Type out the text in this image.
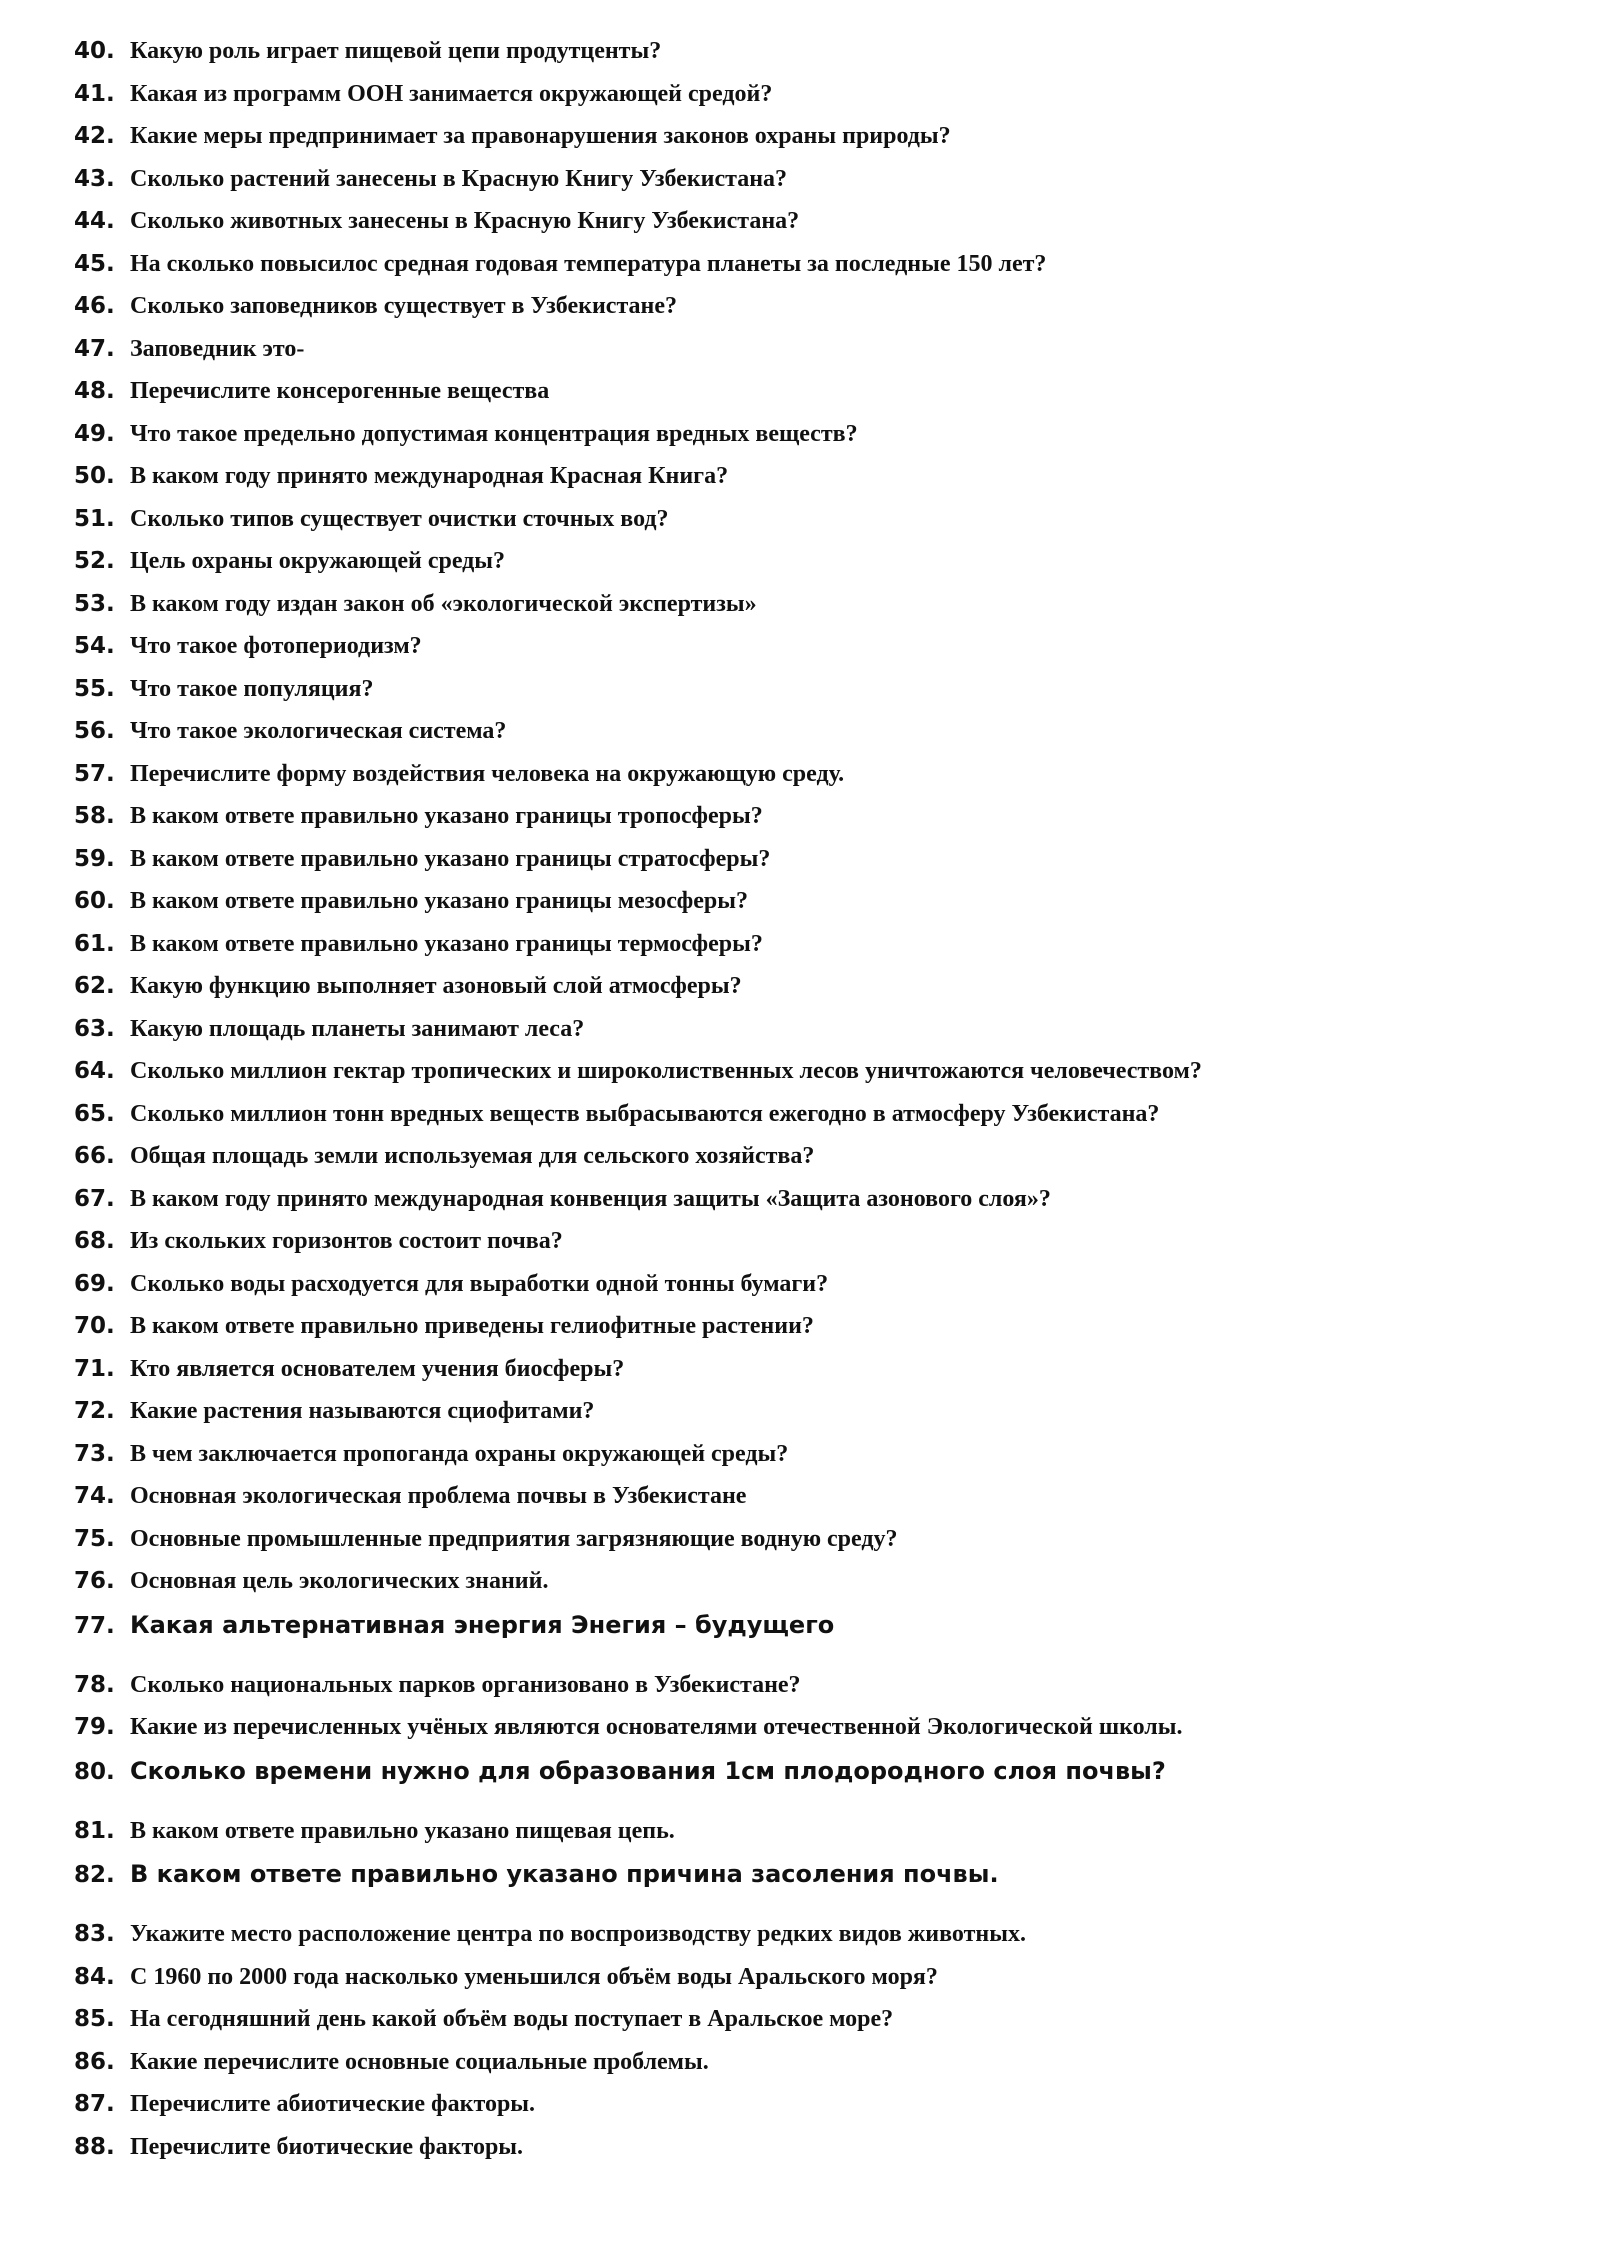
40. Какую роль играет пищевой цепи продутценты?
41. Какая из программ ООН занимается окружающей средой?
42. Какие меры предпринимает за правонарушения законов охраны природы?
43. Сколько растений занесены в Красную Книгу Узбекистана?
44. Сколько животных занесены в Красную Книгу Узбекистана?
45. На сколько повысилос средная годовая температура планеты за последные 150 лет?
46. Сколько заповедников существует в Узбекистане?
47. Заповедник это-
48. Перечислите консерогенные вещества
49. Что такое предельно допустимая концентрация вредных веществ?
50. В каком году принято международная Красная Книга?
51. Сколько типов существует очистки сточных вод?
52. Цель охраны окружающей среды?
53. В каком году издан закон об «экологической экспертизы»
54. Что такое фотопериодизм?
55. Что такое популяция?
56. Что такое экологическая система?
57. Перечислите форму воздействия человека на окружающую среду.
58. В каком ответе правильно указано границы тропосферы?
59. В каком ответе правильно указано границы стратосферы?
60. В каком ответе правильно указано границы мезосферы?
61. В каком ответе правильно указано границы термосферы?
62. Какую функцию выполняет азоновый слой атмосферы?
63. Какую площадь планеты занимают леса?
64. Сколько миллион гектар тропических и широколиственных лесов уничтожаются человечеством?
65. Сколько миллион тонн вредных веществ выбрасываются ежегодно в атмосферу Узбекистана?
66. Общая площадь земли используемая для сельского хозяйства?
67. В каком году принято международная конвенция защиты «Защита азонового слоя»?
68. Из скольких горизонтов состоит почва?
69. Сколько воды расходуется для выработки одной тонны бумаги?
70. В каком ответе правильно приведены гелиофитные растении?
71. Кто является основателем учения биосферы?
72. Какие растения называются сциофитами?
73. В чем заключается пропоганда охраны окружающей среды?
74. Основная экологическая проблема почвы в Узбекистане
75. Основные промышленные предприятия загрязняющие водную среду?
76. Основная цель экологических знаний.
77. Какая альтернативная энергия Энегия – будущего
78. Сколько национальных парков организовано в Узбекистане?
79. Какие из перечисленных учёных являются основателями отечественной Экологической школы.
80. Сколько времени нужно для образования 1см плодородного слоя почвы?
81. В каком ответе правильно указано пищевая цепь.
82. В каком ответе правильно указано причина засоления почвы.
83. Укажите место расположение центра по воспроизводству редких видов животных.
84. С 1960 по 2000 года насколько уменьшился объём воды Аральского моря?
85. На сегодняшний день какой объём воды поступает в Аральское море?
86. Какие перечислите основные социальные проблемы.
87. Перечислите абиотические факторы.
88. Перечислите биотические факторы.
